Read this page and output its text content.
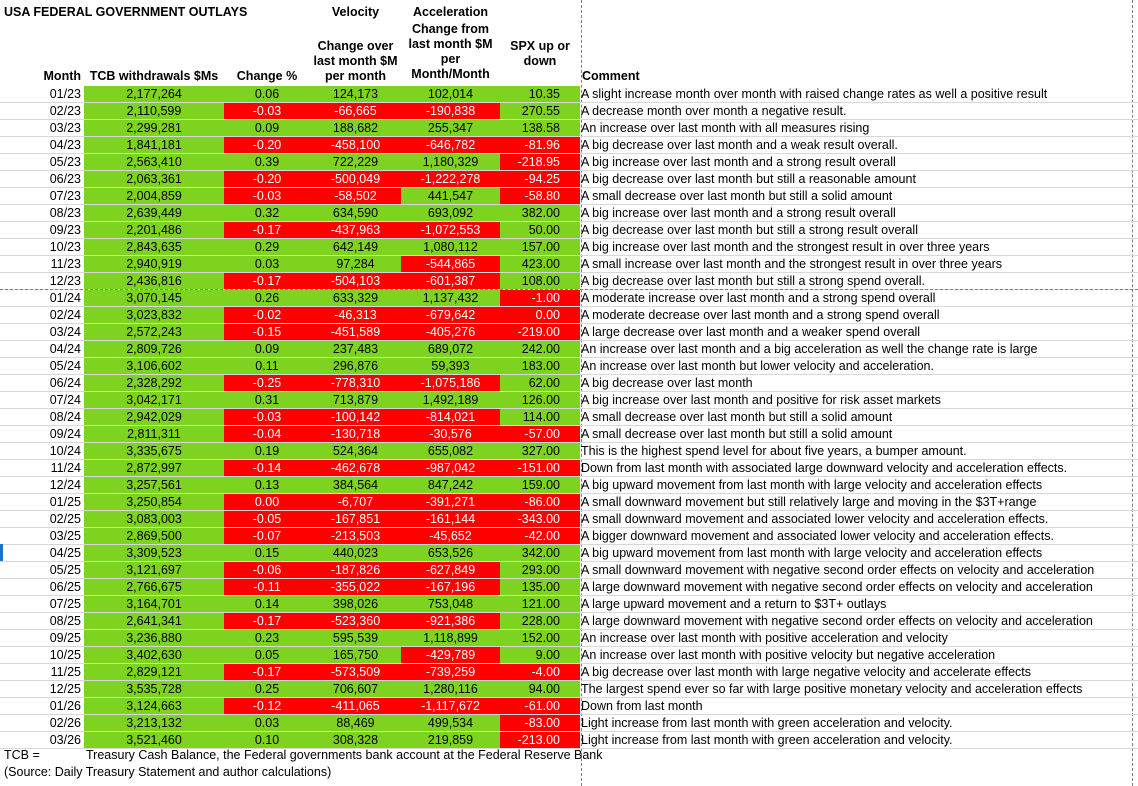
USA FEDERAL GOVERNMENT OUTLAYS	Velocity	Acceleration
Month TCB withdrawals $Ms	Change %
Change over last month $M per month
Change from last month $M per Month/Month
SPX up or down
Comment
01/23	2,177,264	0.06	124,173	102,014	10.35	A slight increase month over month with raised change rates as well a positive result
02/23	2,110,599	-0.03	-66,665	-190,838	270.55	A decrease month over month a negative result.
03/23	2,299,281	0.09	188,682	255,347	138.58	An increase over last month with all measures rising
04/23	1,841,181	-0.20	-458,100	-646,782	-81.96	A big decrease over last month and a weak result overall.
05/23	2,563,410	0.39	722,229	1,180,329	-218.95	A big increase over last month and a strong result overall
06/23	2,063,361	-0.20	-500,049	-1,222,278	-94.25	A big decrease over last month but still a reasonable amount
07/23	2,004,859	-0.03	-58,502	441,547	-58.80	A small decrease over last month but still a solid amount
08/23	2,639,449	0.32	634,590	693,092	382.00	A big increase over last month and a strong result overall
09/23	2,201,486	-0.17	-437,963	-1,072,553	50.00	A big decrease over last month but still a strong result overall
10/23	2,843,635	0.29	642,149	1,080,112	157.00	A big increase over last month and the strongest result in over three years
11/23	2,940,919	0.03	97,284	-544,865	423.00	A small increase over last month and the strongest result in over three years
12/23	2,436,816	-0.17	-504,103	-601,387	108.00	A big decrease over last month but still a strong spend overall.
01/24	3,070,145	0.26	633,329	1,137,432	-1.00	A moderate increase over last month and a strong spend overall
02/24	3,023,832	-0.02	-46,313	-679,642	0.00	A moderate decrease over last month and a strong spend overall
03/24	2,572,243	-0.15	-451,589	-405,276	-219.00	A large decrease over last month and a weaker spend overall
04/24	2,809,726	0.09	237,483	689,072	242.00	An increase over last month and a big acceleration as well the change rate is large
05/24	3,106,602	0.11	296,876	59,393	183.00	An increase over last month but lower velocity and acceleration.
06/24	2,328,292	-0.25	-778,310	-1,075,186	62.00	A big decrease over last month
07/24	3,042,171	0.31	713,879	1,492,189	126.00	A big increase over last month and positive for risk asset markets
08/24	2,942,029	-0.03	-100,142	-814,021	114.00	A small decrease over last month but still a solid amount
09/24	2,811,311	-0.04	-130,718	-30,576	-57.00	A small decrease over last month but still a solid amount
10/24	3,335,675	0.19	524,364	655,082	327.00	This is the highest spend level for about five years, a bumper amount.
11/24	2,872,997	-0.14	-462,678	-987,042	-151.00	Down from last month with associated large downward velocity and acceleration effects.
12/24	3,257,561	0.13	384,564	847,242	159.00	A big upward movement from last month with large velocity and acceleration effects
01/25	3,250,854	0.00	-6,707	-391,271	-86.00	A small downward movement but still relatively large and moving in the $3T+range
02/25	3,083,003	-0.05	-167,851	-161,144	-343.00	A small downward movement and associated lower velocity and acceleration effects.
03/25	2,869,500	-0.07	-213,503	-45,652	-42.00	A bigger downward movement and associated lower velocity and acceleration effects.
04/25	3,309,523	0.15	440,023	653,526	342.00	A big upward movement from last month with large velocity and acceleration effects
05/25	3,121,697	-0.06	-187,826	-627,849	293.00	A small downward movement with negative second order effects on velocity and acceleration
06/25	2,766,675	-0.11	-355,022	-167,196	135.00	A large downward movement with negative second order effects on velocity and acceleration
07/25	3,164,701	0.14	398,026	753,048	121.00	A large upward movement and a return to $3T+ outlays
08/25	2,641,341	-0.17	-523,360	-921,386	228.00	A large downward movement with negative second order effects on velocity and acceleration
09/25	3,236,880	0.23	595,539	1,118,899	152.00	An increase over last month with positive acceleration and velocity
10/25	3,402,630	0.05	165,750	-429,789	9.00	An increase over last month with positive velocity but negative acceleration
11/25	2,829,121	-0.17	-573,509	-739,259	-4.00	A big decrease over last month with large negative velocity and accelerate effects
12/25	3,535,728	0.25	706,607	1,280,116	94.00	The largest spend ever so far with large positive monetary velocity and acceleration effects
01/26	3,124,663	-0.12	-411,065	-1,117,672	-61.00	Down from last month
02/26	3,213,132	0.03	88,469	499,534	-83.00	Light increase from last month with green acceleration and velocity.
03/26	3,521,460	0.10	308,328	219,859	-213.00	Light increase from last month with green acceleration and velocity.
TCB =	Treasury Cash Balance, the Federal governments bank account at the Federal Reserve Bank
(Source: Daily Treasury Statement and author calculations)
